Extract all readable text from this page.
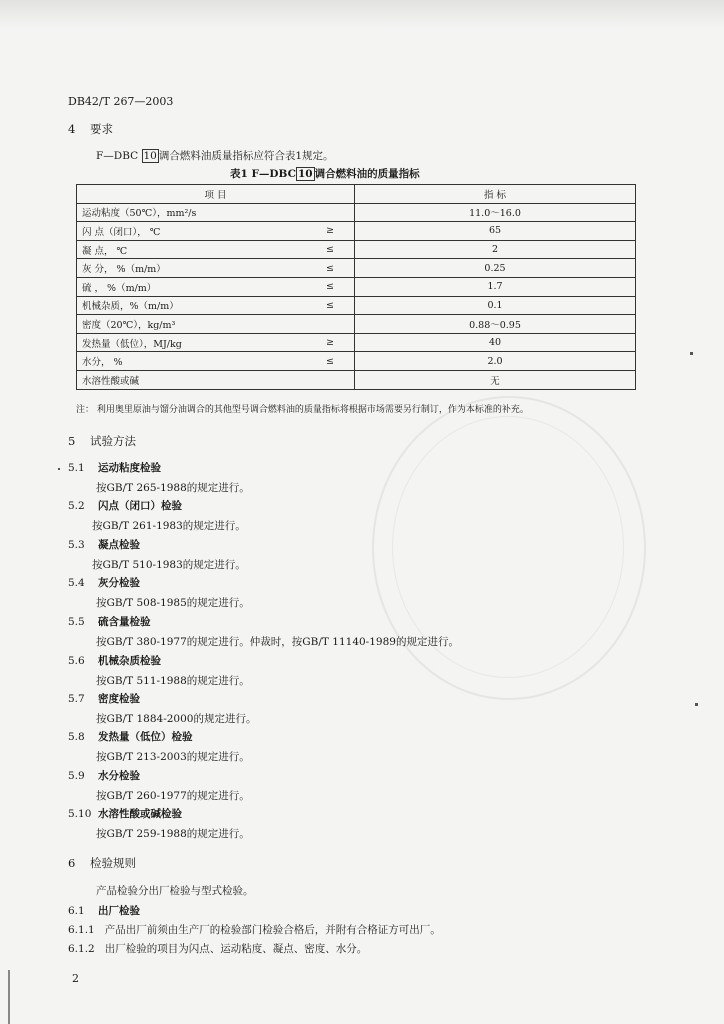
DB42/T 267—2003
4 要求
F—DBC 10 调合燃料油质量指标应符合表1规定。
表1 F—DBC 10 调合燃料油的质量指标
项 目		指 标
运动粘度（50℃），mm²/s		11.0～16.0
闪 点（闭口）， ℃	≥	65
凝 点， ℃	≤	2
灰 分， %（m/m）	≤	0.25
硫 ， %（m/m）	≤	1.7
机械杂质，%（m/m）	≤	0.1
密度（20℃），kg/m³		0.88～0.95
发热量（低位），MJ/kg	≥	40
水分， %	≤	2.0
水溶性酸或碱		无
注： 利用奥里原油与馏分油调合的其他型号调合燃料油的质量指标将根据市场需要另行制订，作为本标准的补充。
5 试验方法
5.1 运动粘度检验
按GB/T 265-1988的规定进行。
5.2 闪点（闭口）检验
按GB/T 261-1983的规定进行。
5.3 凝点检验
按GB/T 510-1983的规定进行。
5.4 灰分检验
按GB/T 508-1985的规定进行。
5.5 硫含量检验
按GB/T 380-1977的规定进行。仲裁时，按GB/T 11140-1989的规定进行。
5.6 机械杂质检验
按GB/T 511-1988的规定进行。
5.7 密度检验
按GB/T 1884-2000的规定进行。
5.8 发热量（低位）检验
按GB/T 213-2003的规定进行。
5.9 水分检验
按GB/T 260-1977的规定进行。
5.10 水溶性酸或碱检验
按GB/T 259-1988的规定进行。
6 检验规则
产品检验分出厂检验与型式检验。
6.1 出厂检验
6.1.1 产品出厂前须由生产厂的检验部门检验合格后，并附有合格证方可出厂。
6.1.2 出厂检验的项目为闪点、运动粘度、凝点、密度、水分。
2
